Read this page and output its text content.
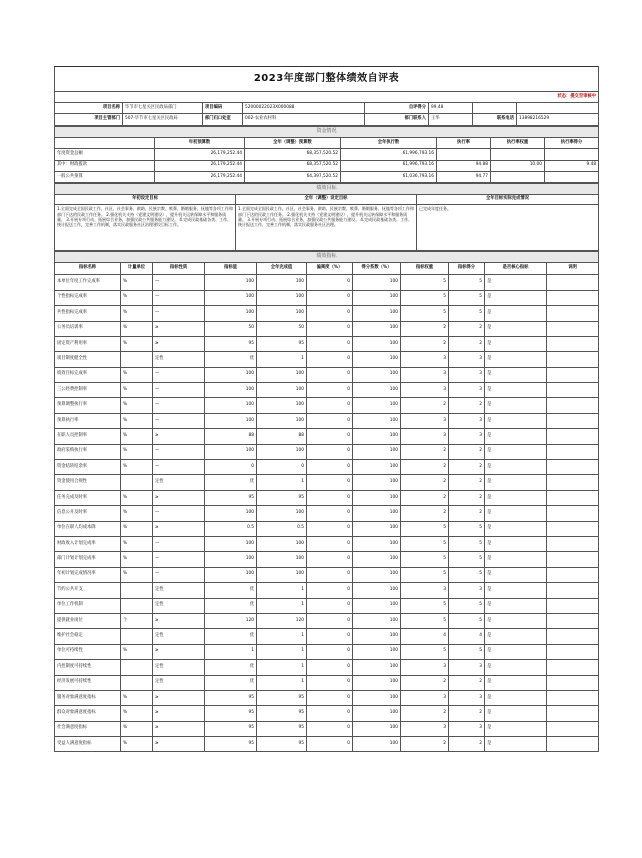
2023年度部门整体绩效自评表							
状态：提交至审核中							
项目名称	毕节市七星关区民政局部门	项目编码	52000022023X000088	自评得分	99.48		
项目主管部门	507-毕节市七星关区民政局	部门归口处室	002-农业农村科	部门联系人	王华	联系电话	13898216529
资金情况						
	年初预算数	全年（调整）预算数	全年执行数	执行率	执行率权重	执行率得分
年度资金总额	26,179,252.44	68,357,520.52	61,996,793.16			
其中：财政拨款	26,179,252.44	68,357,520.52	61,996,793.16	94.88	10.00	9.48
一般公共预算	26,179,252.44	64,397,520.52	61,036,793.16	94.77		
绩效目标		
年初设定目标	全年（调整）设定目标	全年目标实际完成情况
1.全面完成全国民政工作、社区、社会事务、救助、民族宗教、殡葬、婚姻服务、抚恤等各项工作和部门下达的民政工作任务。 2.强化机关支持（党建文明建设），提升机关运转保障水平和服务质量。 3.开展专项行动、拓展综合业务，加强民政公共服务能力建设。 4.完成民政基础各类、工作、统计报送工作，完善工作机制，落实民政服务社区治理建设目标工作。	1.全面完成全国民政工作、社区、社会事务、救助、民族宗教、殡葬、婚姻服务、抚恤等各项工作和部门下达的民政工作任务。 2.强化机关支持（党建文明建设），提升机关运转保障水平和服务质量。 3.开展专项行动、拓展综合业务，加强民政公共服务能力建设。 4.完成民政基础各类、工作、统计报送工作，完善工作机制，落实民政服务社区治理。	已完成年度任务。
绩效指标										
指标名称	计量单位	指标性质	指标值	全年完成值	偏离度（%）	得分系数（%）	指标权重	指标得分	是否核心指标	说明
本单位年度工作完成率	%	—	100	100	0	100	5	5	是	
个性指标完成率	%	—	100	100	0	100	5	5	是	
共性指标完成率	%	—	100	100	0	100	5	5	是	
公务员培训率	%	≥	50	50	0	100	2	2	是	
固定资产利用率	%	≥	95	95	0	100	2	2	是	
项目制度健全性		定性	优	1	0	100	3	3	是	
绩效目标完成率	%	—	100	100	0	100	3	3	是	
三公经费控制率	%	—	100	100	0	100	3	3	是	
预算调整执行率	%	—	100	100	0	100	2	2	是	
预算执行率	%	—	100	100	0	100	3	3	是	
在职人员控制率	%	≥	88	88	0	100	3	3	是	
政府采购执行率	%	—	100	100	0	100	2	2	是	
资金结转结余率	%	—	0	0	0	100	2	2	是	
资金使用合规性		定性	优	1	0	100	2	2	是	
任务完成及时率	%	≥	95	95	0	100	2	2	是	
信息公开及时率	%	—	100	100	0	100	2	2	是	
单位在职人均成本降	%	≥	0.5	0.5	0	100	5	5	是	
财政收入计划完成率	%	—	100	100	0	100	5	5	是	
部门计划计划完成率	%	—	100	100	0	100	5	5	是	
年初计划完成情况率	%	—	100	100	0	100	5	5	是	
节约公共开支		定性	优	1	0	100	3	3	是	
单位工作机制		定性	优	1	0	100	5	5	是	
提供就业岗位	个	≥	120	120	0	100	5	5	是	
维护社会稳定		定性	优	1	0	100	4	4	是	
单位可持续性	%	≥	1	1	0	100	5	5	是	
内控制度可持续性		定性	优	1	0	100	3	3	是	
经济发展可持续性		定性	优	1	0	100	2	2	是	
服务对象满意度指标	%	≥	95	95	0	100	3	3	是	
群众对象满意度指标	%	≥	95	95	0	100	2	2	是	
社会满意度指标	%	≥	95	95	0	100	3	3	是	
受益人满意度指标	%	≥	95	95	0	100	2	2	是	
